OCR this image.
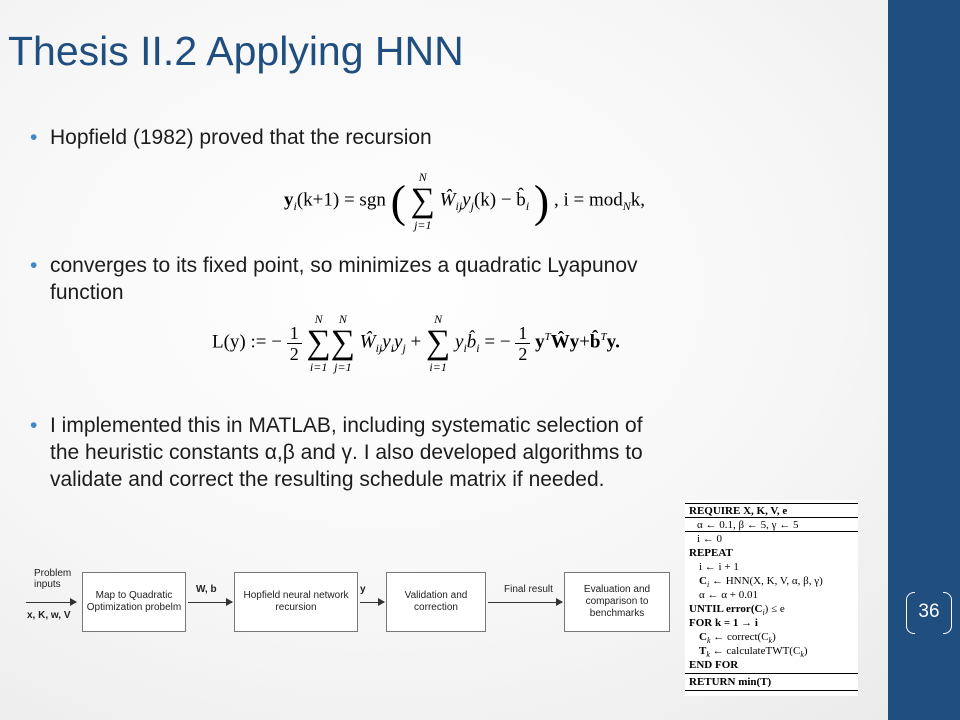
Thesis II.2 Applying HNN
• Hopfield (1982) proved that the recursion
$y_i(k+1)$ = sgn (	N
∑
j=1
$Ŵ_{ij}y_j(k)$ − $b̂_i$ ) , i = mod$_N$k,
• converges to its fixed point, so minimizes a quadratic Lyapunov
function
L(y) := − $\frac{1}{2}$

N
∑
i=1
N
∑
j=1
$Ŵ_{ij}y_iy_j$ +
N
∑
i=1
$y_ib̂_i$ = − $\frac{1}{2}$ $y^TŴy+b̂^Ty$.
• I implemented this in MATLAB, including systematic selection of
the heuristic constants α,β and γ. I also developed algorithms to
validate and correct the resulting schedule matrix if needed.
Problem inputs
x, K, w, V
Map to Quadratic Optimization probelm
W, b
Hopfield neural network recursion
y
Validation and correction
Final result	Evaluation and comparison to benchmarks
REQUIRE X, K, V, e
α ← 0.1, β ← 5, γ ← 5
i ← 0
REPEAT
i ← i + 1
$C_i$ ← HNN(X, K, V, α, β, γ)
α ← α + 0.01
UNTIL $error(C_i) \le e$
FOR k = 1 → i
$C_k$ ← $correct(C_k)$
$T_k$ ← $calculateTWT(C_k)$
END FOR
RETURN min(T)
36
